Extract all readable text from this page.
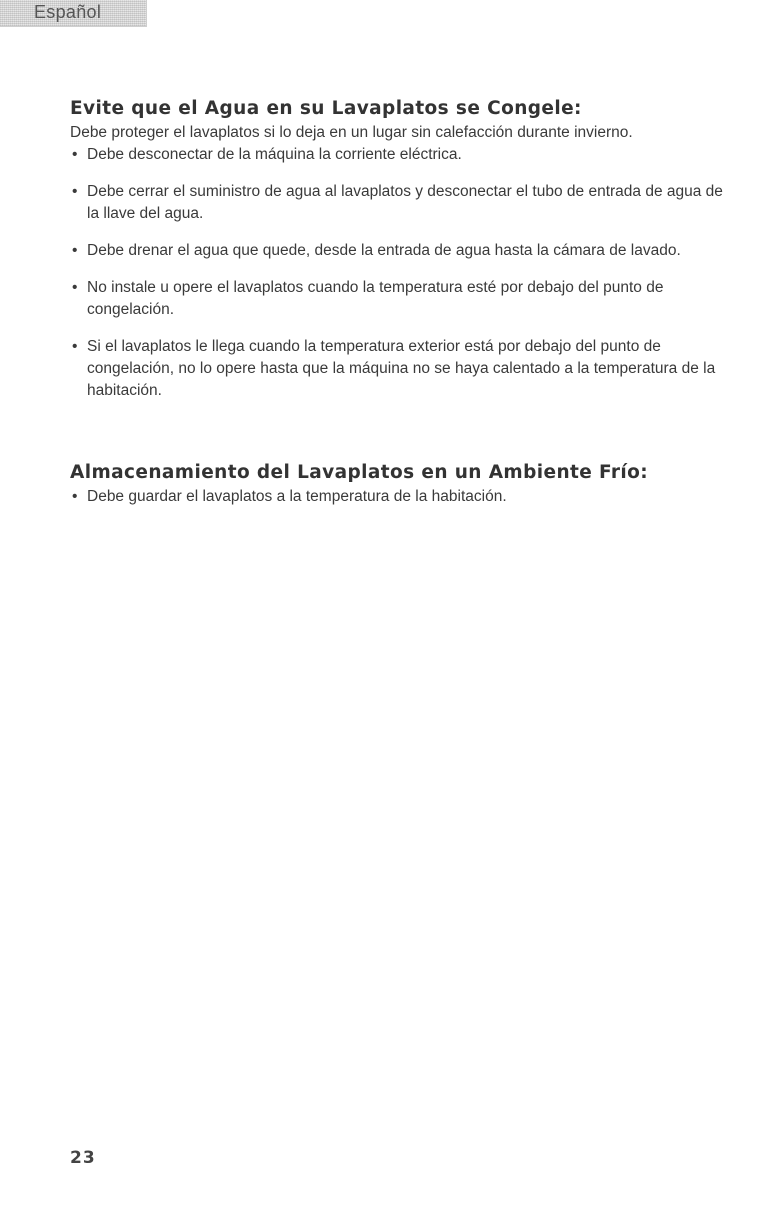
Español
Evite que el Agua en su Lavaplatos se Congele:

Debe proteger el lavaplatos si lo deja en un lugar sin calefacción durante invierno.

• Debe desconectar de la máquina la corriente eléctrica.
• Debe cerrar el suministro de agua al lavaplatos y desconectar el tubo de entrada de agua de la llave del agua.
• Debe drenar el agua que quede, desde la entrada de agua hasta la cámara de lavado.
• No instale u opere el lavaplatos cuando la temperatura esté por debajo del punto de congelación.
• Si el lavaplatos le llega cuando la temperatura exterior está por debajo del punto de congelación, no lo opere hasta que la máquina no se haya calentado a la temperatura de la habitación.
Almacenamiento del Lavaplatos en un Ambiente Frío:
• Debe guardar el lavaplatos a la temperatura de la habitación.
23
